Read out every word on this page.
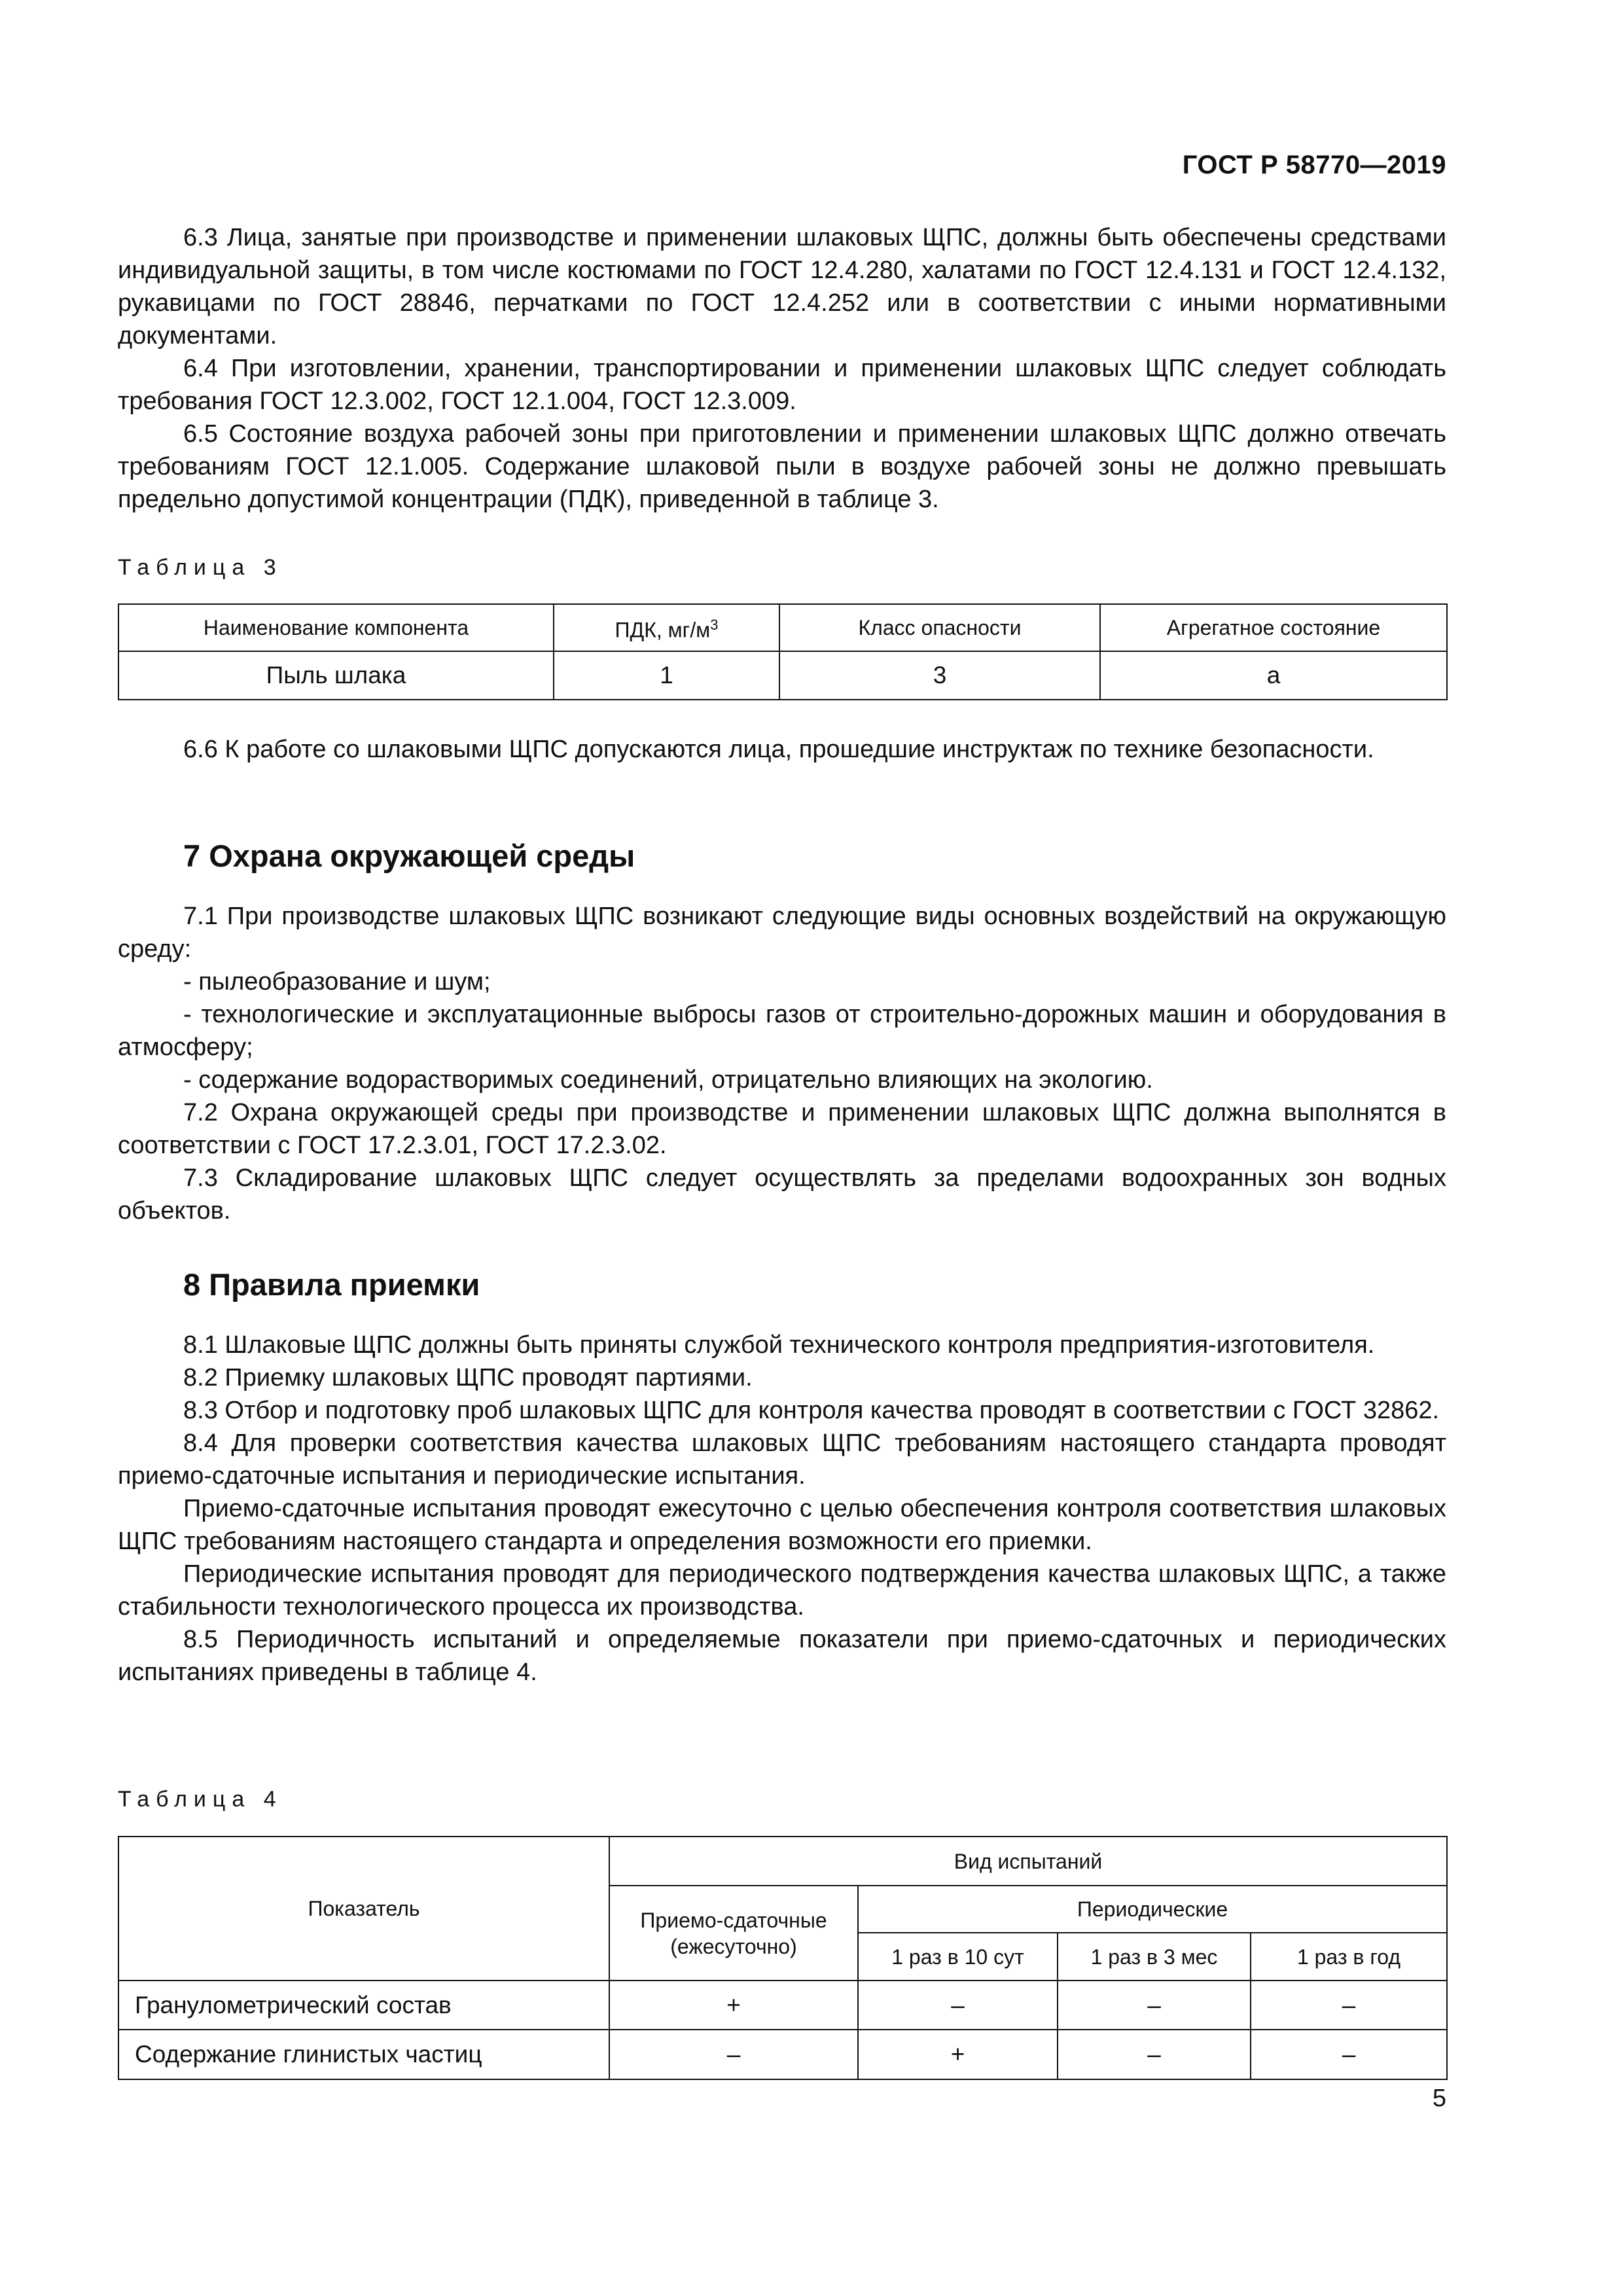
ГОСТ Р 58770—2019

6.3 Лица, занятые при производстве и применении шлаковых ЩПС, должны быть обеспечены средствами индивидуальной защиты, в том числе костюмами по ГОСТ 12.4.280, халатами по ГОСТ 12.4.131 и ГОСТ 12.4.132, рукавицами по ГОСТ 28846, перчатками по ГОСТ 12.4.252 или в соответствии с иными нормативными документами.

6.4 При изготовлении, хранении, транспортировании и применении шлаковых ЩПС следует соблюдать требования ГОСТ 12.3.002, ГОСТ 12.1.004, ГОСТ 12.3.009.

6.5 Состояние воздуха рабочей зоны при приготовлении и применении шлаковых ЩПС должно отвечать требованиям ГОСТ 12.1.005. Содержание шлаковой пыли в воздухе рабочей зоны не должно превышать предельно допустимой концентрации (ПДК), приведенной в таблице 3.

Таблица 3

Наименование компонента	ПДК, $мг/м^3$	Класс опасности	Агрегатное состояние
Пыль шлака	1	3	а

6.6 К работе со шлаковыми ЩПС допускаются лица, прошедшие инструктаж по технике безопасности.

7 Охрана окружающей среды

7.1 При производстве шлаковых ЩПС возникают следующие виды основных воздействий на окружающую среду:

- пылеобразование и шум;

- технологические и эксплуатационные выбросы газов от строительно-дорожных машин и оборудования в атмосферу;

- содержание водорастворимых соединений, отрицательно влияющих на экологию.

7.2 Охрана окружающей среды при производстве и применении шлаковых ЩПС должна выполнятся в соответствии с ГОСТ 17.2.3.01, ГОСТ 17.2.3.02.

7.3 Складирование шлаковых ЩПС следует осуществлять за пределами водоохранных зон водных объектов.

8 Правила приемки

8.1 Шлаковые ЩПС должны быть приняты службой технического контроля предприятия-изготовителя.

8.2 Приемку шлаковых ЩПС проводят партиями.

8.3 Отбор и подготовку проб шлаковых ЩПС для контроля качества проводят в соответствии с ГОСТ 32862.

8.4 Для проверки соответствия качества шлаковых ЩПС требованиям настоящего стандарта проводят приемо-сдаточные испытания и периодические испытания.

Приемо-сдаточные испытания проводят ежесуточно с целью обеспечения контроля соответствия шлаковых ЩПС требованиям настоящего стандарта и определения возможности его приемки.

Периодические испытания проводят для периодического подтверждения качества шлаковых ЩПС, а также стабильности технологического процесса их производства.

8.5 Периодичность испытаний и определяемые показатели при приемо-сдаточных и периодических испытаниях приведены в таблице 4.

Таблица 4

Показатель	Вид испытаний			
	Приемо-сдаточные (ежесуточно)	Периодические		
		1 раз в 10 сут	1 раз в 3 мес	1 раз в год
Гранулометрический состав	+	–	–	–
Содержание глинистых частиц	–	+	–	–
5
